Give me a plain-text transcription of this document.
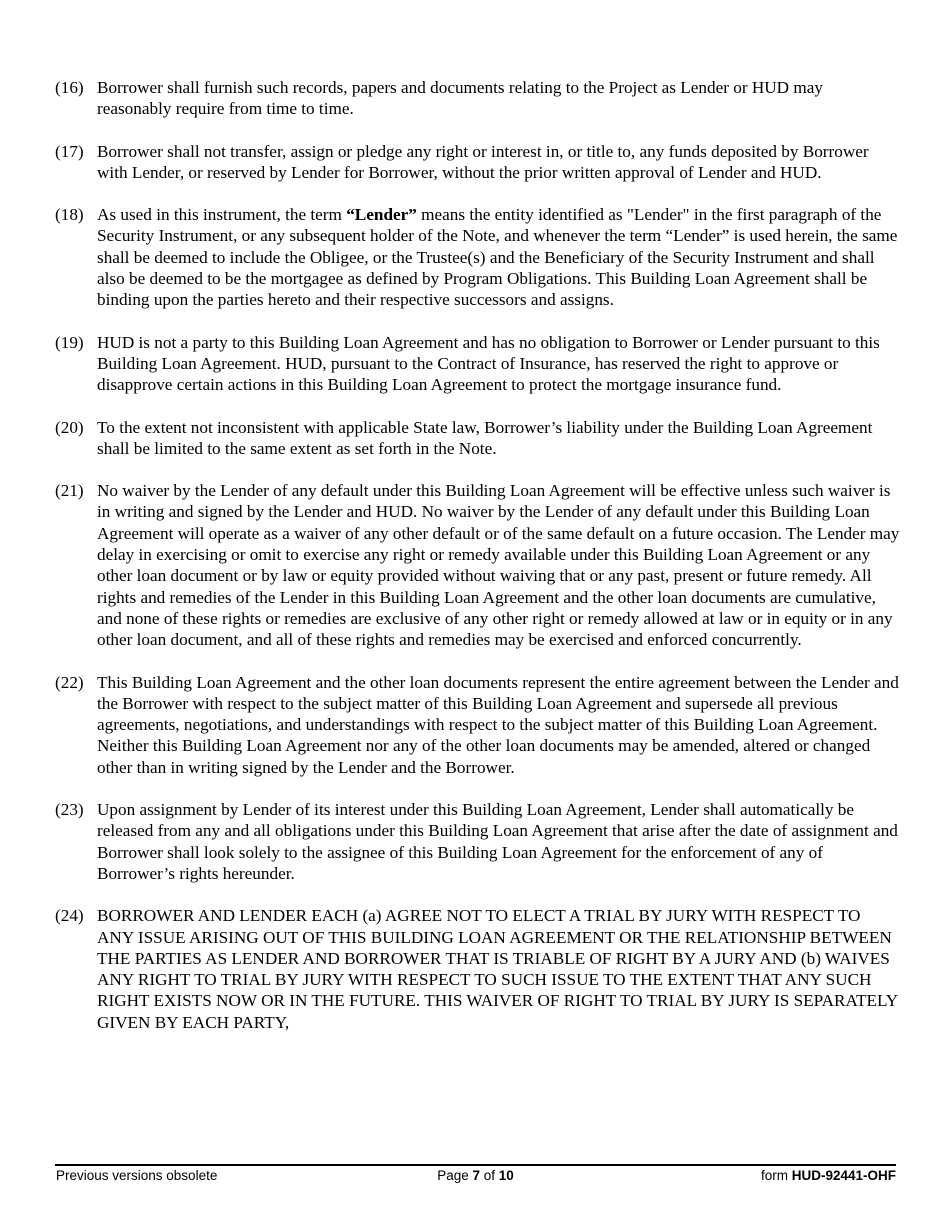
(16) Borrower shall furnish such records, papers and documents relating to the Project as Lender or HUD may reasonably require from time to time.
(17) Borrower shall not transfer, assign or pledge any right or interest in, or title to, any funds deposited by Borrower with Lender, or reserved by Lender for Borrower, without the prior written approval of Lender and HUD.
(18) As used in this instrument, the term “Lender” means the entity identified as "Lender" in the first paragraph of the Security Instrument, or any subsequent holder of the Note, and whenever the term “Lender” is used herein, the same shall be deemed to include the Obligee, or the Trustee(s) and the Beneficiary of the Security Instrument and shall also be deemed to be the mortgagee as defined by Program Obligations. This Building Loan Agreement shall be binding upon the parties hereto and their respective successors and assigns.
(19) HUD is not a party to this Building Loan Agreement and has no obligation to Borrower or Lender pursuant to this Building Loan Agreement. HUD, pursuant to the Contract of Insurance, has reserved the right to approve or disapprove certain actions in this Building Loan Agreement to protect the mortgage insurance fund.
(20) To the extent not inconsistent with applicable State law, Borrower’s liability under the Building Loan Agreement shall be limited to the same extent as set forth in the Note.
(21) No waiver by the Lender of any default under this Building Loan Agreement will be effective unless such waiver is in writing and signed by the Lender and HUD. No waiver by the Lender of any default under this Building Loan Agreement will operate as a waiver of any other default or of the same default on a future occasion. The Lender may delay in exercising or omit to exercise any right or remedy available under this Building Loan Agreement or any other loan document or by law or equity provided without waiving that or any past, present or future remedy. All rights and remedies of the Lender in this Building Loan Agreement and the other loan documents are cumulative, and none of these rights or remedies are exclusive of any other right or remedy allowed at law or in equity or in any other loan document, and all of these rights and remedies may be exercised and enforced concurrently.
(22) This Building Loan Agreement and the other loan documents represent the entire agreement between the Lender and the Borrower with respect to the subject matter of this Building Loan Agreement and supersede all previous agreements, negotiations, and understandings with respect to the subject matter of this Building Loan Agreement. Neither this Building Loan Agreement nor any of the other loan documents may be amended, altered or changed other than in writing signed by the Lender and the Borrower.
(23) Upon assignment by Lender of its interest under this Building Loan Agreement, Lender shall automatically be released from any and all obligations under this Building Loan Agreement that arise after the date of assignment and Borrower shall look solely to the assignee of this Building Loan Agreement for the enforcement of any of Borrower’s rights hereunder.
(24) BORROWER AND LENDER EACH (a) AGREE NOT TO ELECT A TRIAL BY JURY WITH RESPECT TO ANY ISSUE ARISING OUT OF THIS BUILDING LOAN AGREEMENT OR THE RELATIONSHIP BETWEEN THE PARTIES AS LENDER AND BORROWER THAT IS TRIABLE OF RIGHT BY A JURY AND (b) WAIVES ANY RIGHT TO TRIAL BY JURY WITH RESPECT TO SUCH ISSUE TO THE EXTENT THAT ANY SUCH RIGHT EXISTS NOW OR IN THE FUTURE. THIS WAIVER OF RIGHT TO TRIAL BY JURY IS SEPARATELY GIVEN BY EACH PARTY,
Previous versions obsolete	Page 7 of 10	form HUD-92441-OHF
